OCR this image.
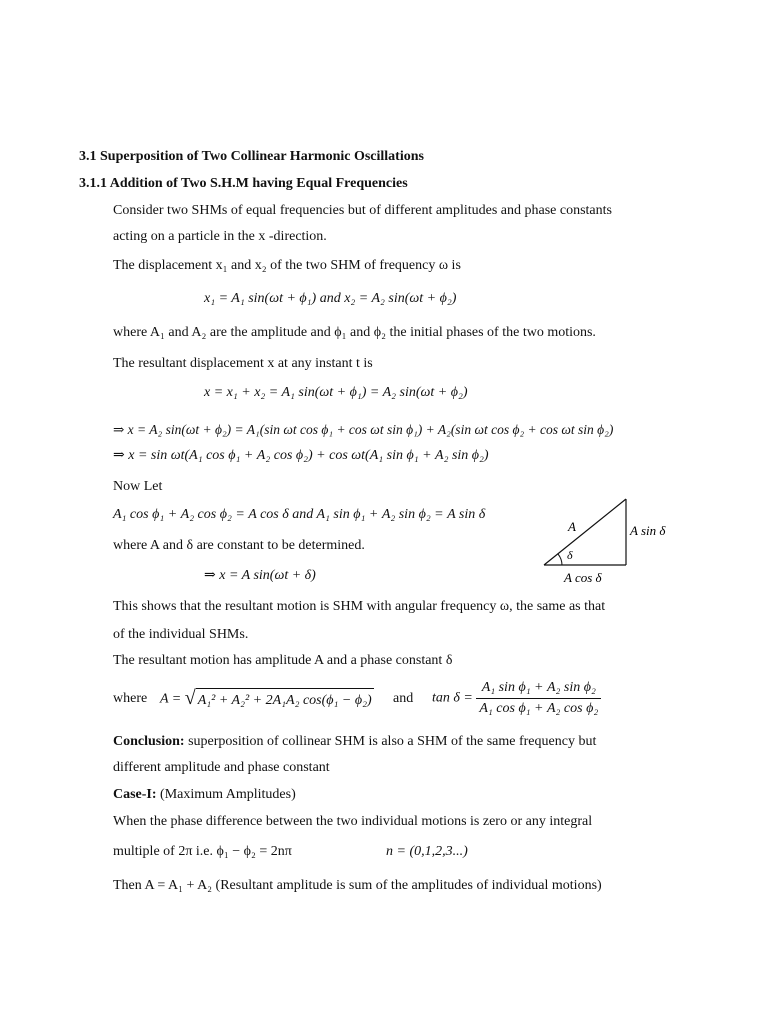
3.1 Superposition of Two Collinear Harmonic Oscillations
3.1.1 Addition of Two S.H.M having Equal Frequencies
Consider two SHMs of equal frequencies but of different amplitudes and phase constants
acting on a particle in the x -direction.
The displacement x₁ and x₂ of the two SHM of frequency ω is
x₁ = A₁ sin(ωt + ϕ₁) and x₂ = A₂ sin(ωt + ϕ₂)
where A₁ and A₂ are the amplitude and ϕ₁ and ϕ₂ the initial phases of the two motions.
The resultant displacement x at any instant t is
x = x₁ + x₂ = A₁ sin(ωt + ϕ₁) = A₂ sin(ωt + ϕ₂)
⇒ x = A₂ sin(ωt + ϕ₂) = A₁(sin ωt cos ϕ₁ + cos ωt sin ϕ₁) + A₂(sin ωt cos ϕ₂ + cos ωt sin ϕ₂)
⇒ x = sin ωt(A₁ cos ϕ₁ + A₂ cos ϕ₂) + cos ωt(A₁ sin ϕ₁ + A₂ sin ϕ₂)
Now Let
A₁ cos ϕ₁ + A₂ cos ϕ₂ = A cos δ and A₁ sin ϕ₁ + A₂ sin ϕ₂ = A sin δ
where A and δ are constant to be determined.
⇒ x = A sin(ωt + δ)
A
δ
A sin δ
A cos δ
This shows that the resultant motion is SHM with angular frequency ω, the same as that
of the individual SHMs.
The resultant motion has amplitude A and a phase constant δ
where A = √ A₁² + A₂² + 2A₁A₂ cos(ϕ₁ − ϕ₂) and $\tan \delta = \frac{\text{A₁ sin ϕ₁ + A₂ sin ϕ₂}}{\text{A₁ cos ϕ₁ + A₂ cos ϕ₂}}$
Conclusion: superposition of collinear SHM is also a SHM of the same frequency but
different amplitude and phase constant
Case-I: (Maximum Amplitudes)
When the phase difference between the two individual motions is zero or any integral
multiple of 2π i.e. ϕ₁ − ϕ₂ = 2nπ	n = (0,1,2,3...)
Then A = A₁ + A₂ (Resultant amplitude is sum of the amplitudes of individual motions)
